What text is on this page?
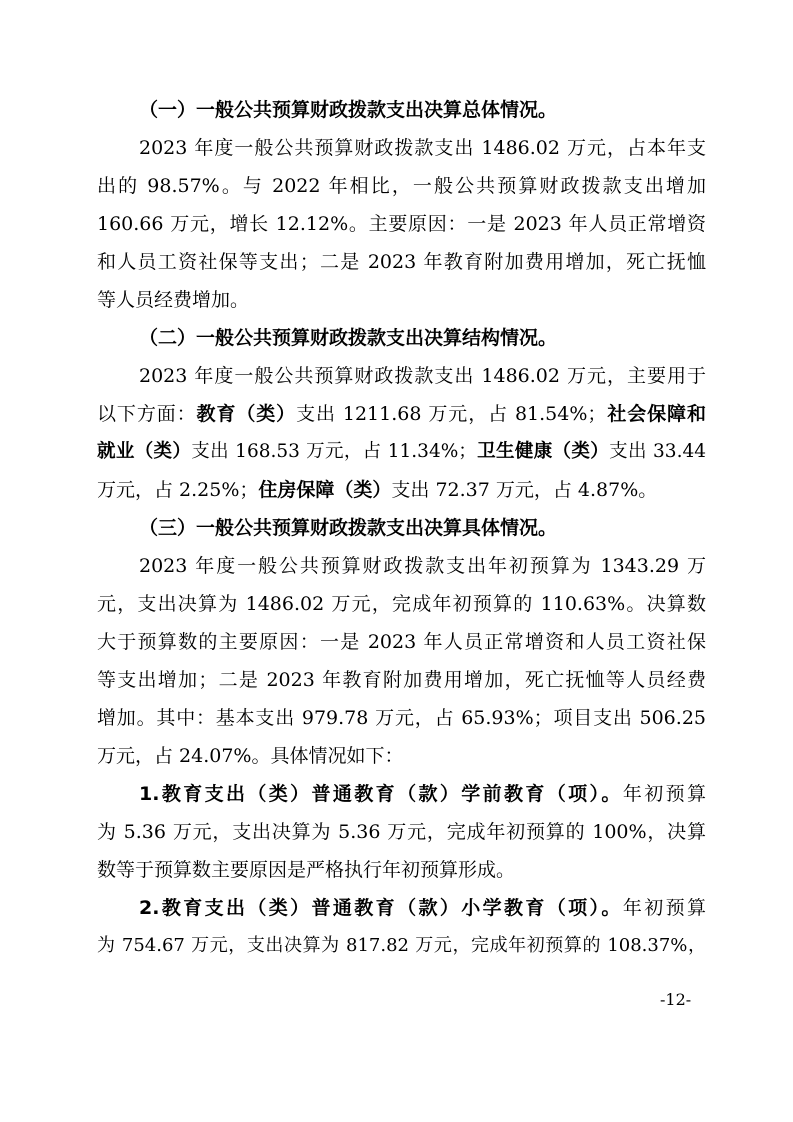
（一）一般公共预算财政拨款支出决算总体情况。
2023 年度一般公共预算财政拨款支出 1486.02 万元，占本年支
出的 98.57%。与 2022 年相比，一般公共预算财政拨款支出增加
160.66 万元，增长 12.12%。主要原因：一是 2023 年人员正常增资
和人员工资社保等支出；二是 2023 年教育附加费用增加，死亡抚恤
等人员经费增加。
（二）一般公共预算财政拨款支出决算结构情况。
2023 年度一般公共预算财政拨款支出 1486.02 万元，主要用于
以下方面：教育（类）支出 1211.68 万元，占 81.54%；社会保障和
就业（类）支出 168.53 万元，占 11.34%；卫生健康（类）支出 33.44
万元，占 2.25%；住房保障（类）支出 72.37 万元，占 4.87%。
（三）一般公共预算财政拨款支出决算具体情况。
2023 年度一般公共预算财政拨款支出年初预算为 1343.29 万
元，支出决算为 1486.02 万元，完成年初预算的 110.63%。决算数
大于预算数的主要原因：一是 2023 年人员正常增资和人员工资社保
等支出增加；二是 2023 年教育附加费用增加，死亡抚恤等人员经费
增加。其中：基本支出 979.78 万元，占 65.93%；项目支出 506.25
万元，占 24.07%。具体情况如下：
1.教育支出（类）普通教育（款）学前教育（项）。年初预算
为 5.36 万元，支出决算为 5.36 万元，完成年初预算的 100%，决算
数等于预算数主要原因是严格执行年初预算形成。
2.教育支出（类）普通教育（款）小学教育（项）。年初预算
为 754.67 万元，支出决算为 817.82 万元，完成年初预算的 108.37%，
-12-
